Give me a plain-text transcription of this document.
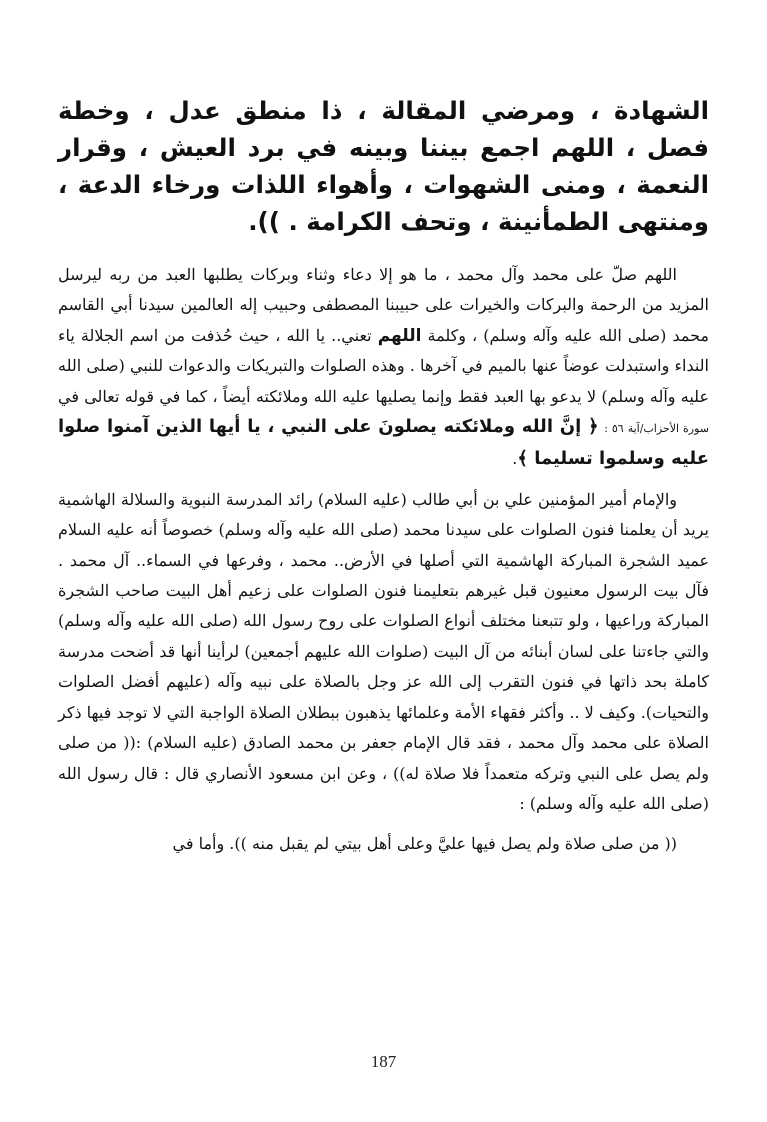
الشهادة ، ومرضي المقالة ، ذا منطق عدل ، وخطة فصل ، اللهم اجمع بيننا وبينه في برد العيش ، وقرار النعمة ، ومنى الشهوات ، وأهواء اللذات ورخاء الدعة ، ومنتهى الطمأنينة ، وتحف الكرامة . )).

اللهم صلّ على محمد وآل محمد ، ما هو إلا دعاء وثناء وبركات يطلبها العبد من ربه ليرسل المزيد من الرحمة والبركات والخيرات على حبيبنا المصطفى وحبيب إله العالمين سيدنا أبي القاسم محمد (صلى الله عليه وآله وسلم) ، وكلمة اللهم تعني.. يا الله ، حيث حُذفت من اسم الجلالة ياء النداء واستبدلت عوضاً عنها بالميم في آخرها . وهذه الصلوات والتبريكات والدعوات للنبي (صلى الله عليه وآله وسلم) لا يدعو بها العبد فقط وإنما يصليها عليه الله وملائكته أيضاً ، كما في قوله تعالى في سورة الأحزاب/آية ٥٦ : ﴿ إنَّ الله وملائكته يصلونَ على النبي ، يا أيها الذين آمنوا صلوا عليه وسلموا تسليما ﴾.

والإمام أمير المؤمنين علي بن أبي طالب (عليه السلام) رائد المدرسة النبوية والسلالة الهاشمية يريد أن يعلمنا فنون الصلوات على سيدنا محمد (صلى الله عليه وآله وسلم) خصوصاً أنه عليه السلام عميد الشجرة المباركة الهاشمية التي أصلها في الأرض.. محمد ، وفرعها في السماء.. آل محمد . فآل بيت الرسول معنيون قبل غيرهم بتعليمنا فنون الصلوات على زعيم أهل البيت صاحب الشجرة المباركة وراعيها ، ولو تتبعنا مختلف أنواع الصلوات على روح رسول الله (صلى الله عليه وآله وسلم) والتي جاءتنا على لسان أبنائه من آل البيت (صلوات الله عليهم أجمعين) لرأينا أنها قد أضحت مدرسة كاملة بحد ذاتها في فنون التقرب إلى الله عز وجل بالصلاة على نبيه وآله (عليهم أفضل الصلوات والتحيات). وكيف لا .. وأكثر فقهاء الأمة وعلمائها يذهبون ببطلان الصلاة الواجبة التي لا توجد فيها ذكر الصلاة على محمد وآل محمد ، فقد قال الإمام جعفر بن محمد الصادق (عليه السلام) :(( من صلى ولم يصل على النبي وتركه متعمداً فلا صلاة له)) ، وعن ابن مسعود الأنصاري قال : قال رسول الله (صلى الله عليه وآله وسلم) :

(( من صلى صلاة ولم يصل فيها عليَّ وعلى أهل بيتي لم يقبل منه )). وأما في

187
